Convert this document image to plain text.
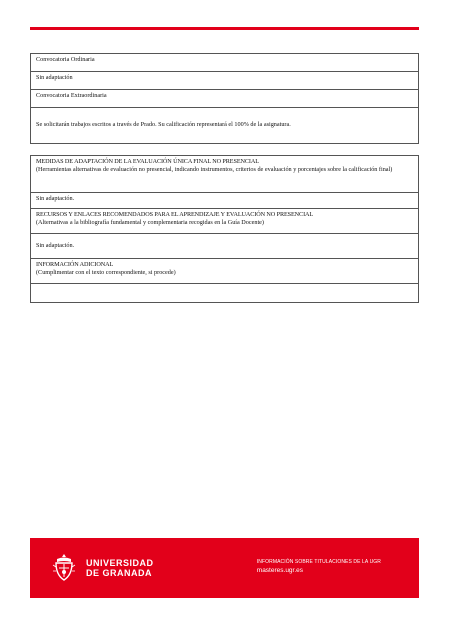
Convocatoria Ordinaria
Sin adaptación
Convocatoria Extraordinaria
Se solicitarán trabajos escritos a través de Prado. Su calificación representará el 100% de la asignatura.
MEDIDAS DE ADAPTACIÓN DE LA EVALUACIÓN ÚNICA FINAL NO PRESENCIAL
(Herramientas alternativas de evaluación no presencial, indicando instrumentos, criterios de evaluación y porcentajes sobre la calificación final)

Sin adaptación.

RECURSOS Y ENLACES RECOMENDADOS PARA EL APRENDIZAJE Y EVALUACIÓN NO PRESENCIAL
(Alternativas a la bibliografía fundamental y complementaria recogidas en la Guía Docente)

Sin adaptación.

INFORMACIÓN ADICIONAL
(Cumplimentar con el texto correspondiente, si procede)

UNIVERSIDAD
DE GRANADA
INFORMACIÓN SOBRE TITULACIONES DE LA UGR
masteres.ugr.es
